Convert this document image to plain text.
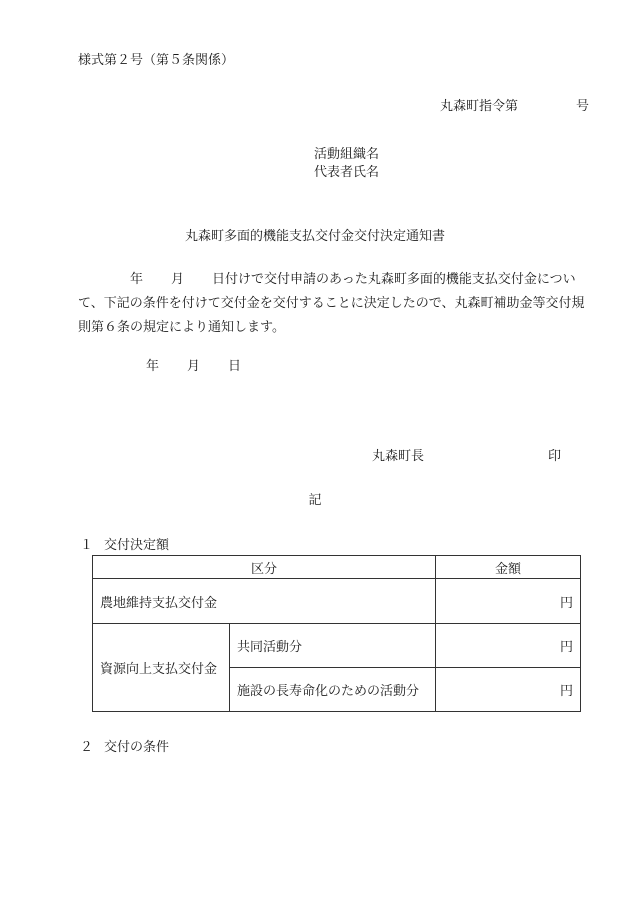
様式第２号（第５条関係）
丸森町指令第	号
活動組織名
代表者氏名
丸森町多面的機能支払交付金交付決定通知書
年 月 日付けで交付申請のあった丸森町多面的機能支払交付金について、下記の条件を付けて交付金を交付することに決定したので、丸森町補助金等交付規則第６条の規定により通知します。
年 月 日
丸森町長	印
記
１ 交付決定額
区分		金額
農地維持支払交付金		円
資源向上支払交付金	共同活動分	円
	施設の長寿命化のための活動分	円
２ 交付の条件
